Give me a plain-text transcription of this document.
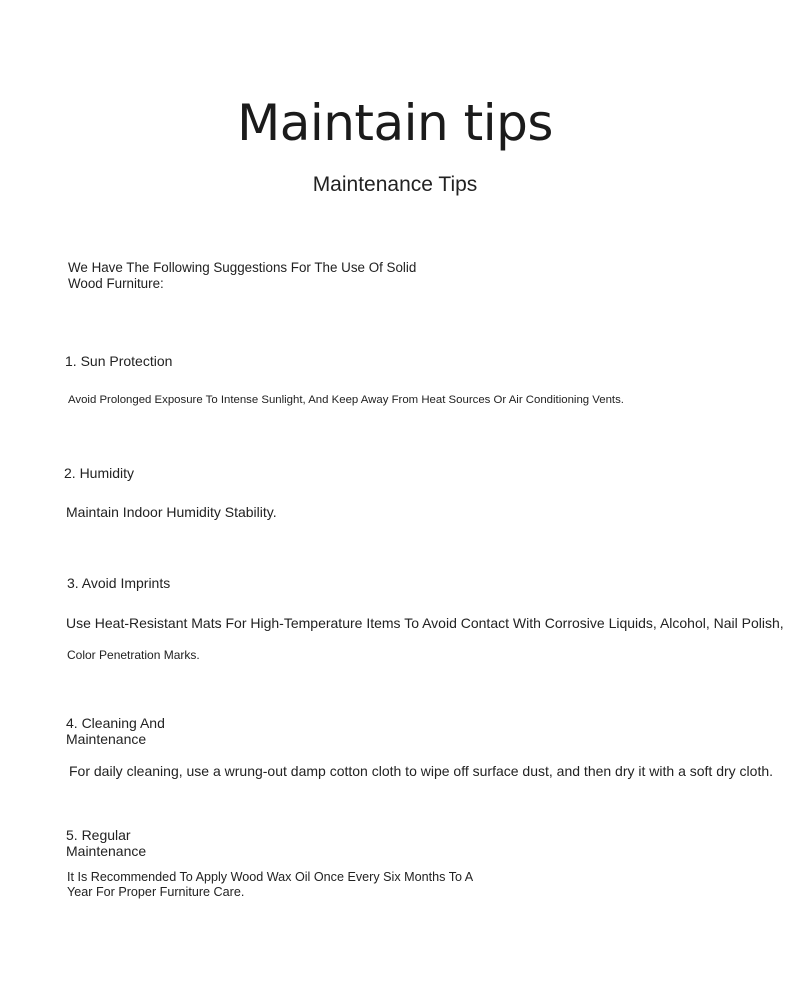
Maintain tips
Maintenance Tips
We Have The Following Suggestions For The Use Of Solid Wood Furniture:
1. Sun Protection
Avoid Prolonged Exposure To Intense Sunlight, And Keep Away From Heat Sources Or Air Conditioning Vents.
2. Humidity
Maintain Indoor Humidity Stability.
3. Avoid Imprints
Use Heat-Resistant Mats For High-Temperature Items To Avoid Contact With Corrosive Liquids, Alcohol, Nail Polish,
Color Penetration Marks.
4. Cleaning And Maintenance
For daily cleaning, use a wrung-out damp cotton cloth to wipe off surface dust, and then dry it with a soft dry cloth.
5. Regular Maintenance
It Is Recommended To Apply Wood Wax Oil Once Every Six Months To A Year For Proper Furniture Care.
